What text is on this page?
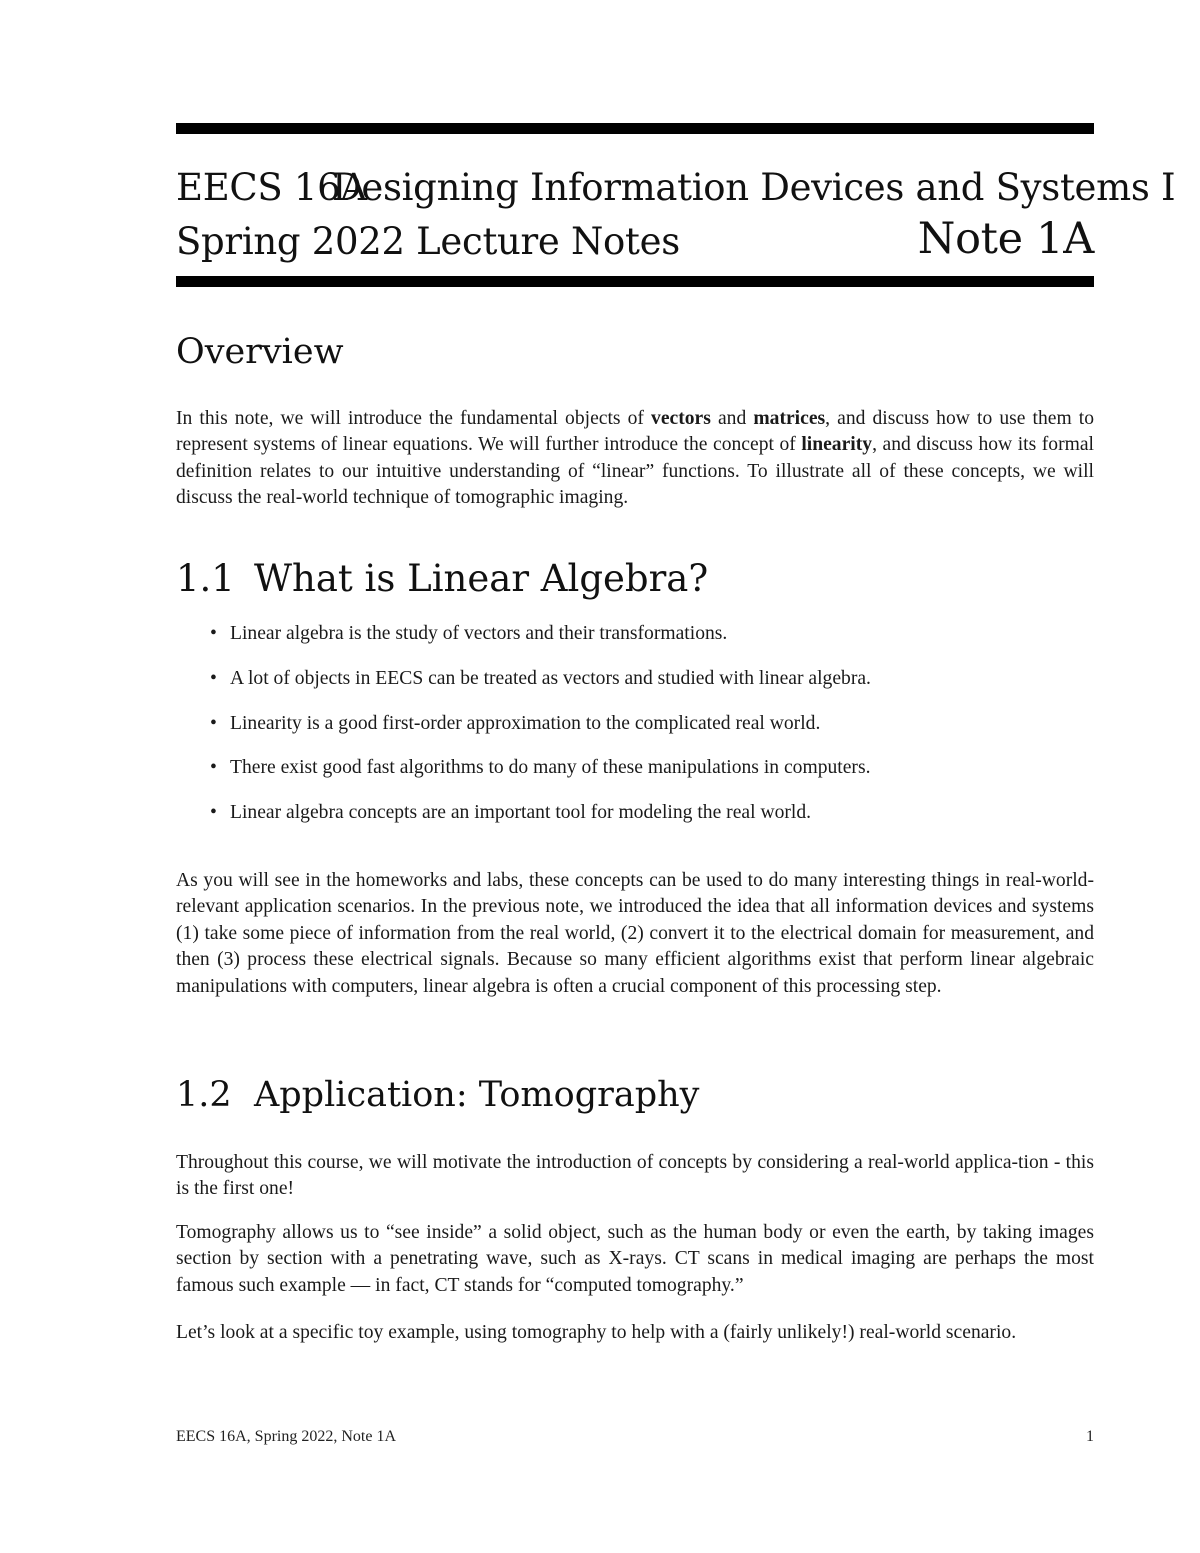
EECS 16ADesigning Information Devices and Systems I
Spring 2022 Lecture Notes	Note 1A
Overview

In this note, we will introduce the fundamental objects of vectors and matrices, and discuss how to use them to represent systems of linear equations. We will further introduce the concept of linearity, and discuss how its formal definition relates to our intuitive understanding of “linear” functions. To illustrate all of these concepts, we will discuss the real-world technique of tomographic imaging.

1.1 What is Linear Algebra?
• Linear algebra is the study of vectors and their transformations.
• A lot of objects in EECS can be treated as vectors and studied with linear algebra.
• Linearity is a good first-order approximation to the complicated real world.
• There exist good fast algorithms to do many of these manipulations in computers.
• Linear algebra concepts are an important tool for modeling the real world.

As you will see in the homeworks and labs, these concepts can be used to do many interesting things in real-world-relevant application scenarios. In the previous note, we introduced the idea that all information devices and systems (1) take some piece of information from the real world, (2) convert it to the electrical domain for measurement, and then (3) process these electrical signals. Because so many efficient algorithms exist that perform linear algebraic manipulations with computers, linear algebra is often a crucial component of this processing step.

1.2 Application: Tomography

Throughout this course, we will motivate the introduction of concepts by considering a real-world applica-tion - this is the first one!

Tomography allows us to “see inside” a solid object, such as the human body or even the earth, by taking images section by section with a penetrating wave, such as X-rays. CT scans in medical imaging are perhaps the most famous such example — in fact, CT stands for “computed tomography.”

Let’s look at a specific toy example, using tomography to help with a (fairly unlikely!) real-world scenario.

EECS 16A, Spring 2022, Note 1A	1
